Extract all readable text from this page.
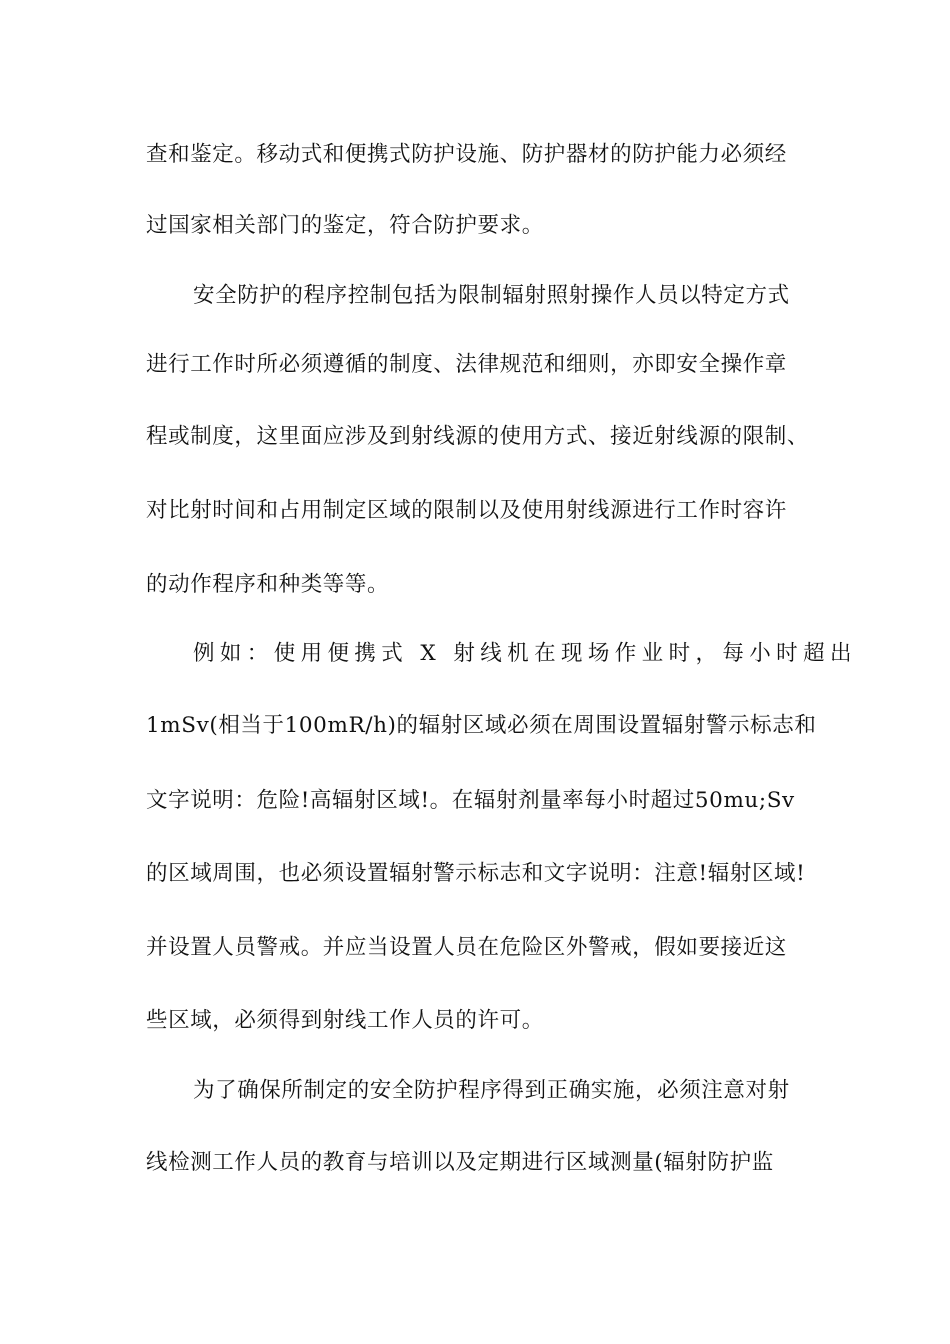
查和鉴定。移动式和便携式防护设施、防护器材的防护能力必须经
过国家相关部门的鉴定，符合防护要求。
安全防护的程序控制包括为限制辐射照射操作人员以特定方式
进行工作时所必须遵循的制度、法律规范和细则，亦即安全操作章
程或制度，这里面应涉及到射线源的使用方式、接近射线源的限制、
对比射时间和占用制定区域的限制以及使用射线源进行工作时容许
的动作程序和种类等等。
例如：使用便携式 X 射线机在现场作业时，每小时超出
1mSv(相当于100mR/h)的辐射区域必须在周围设置辐射警示标志和
文字说明：危险!高辐射区域!。在辐射剂量率每小时超过50mu;Sv
的区域周围，也必须设置辐射警示标志和文字说明：注意!辐射区域!
并设置人员警戒。并应当设置人员在危险区外警戒，假如要接近这
些区域，必须得到射线工作人员的许可。
为了确保所制定的安全防护程序得到正确实施，必须注意对射
线检测工作人员的教育与培训以及定期进行区域测量(辐射防护监
